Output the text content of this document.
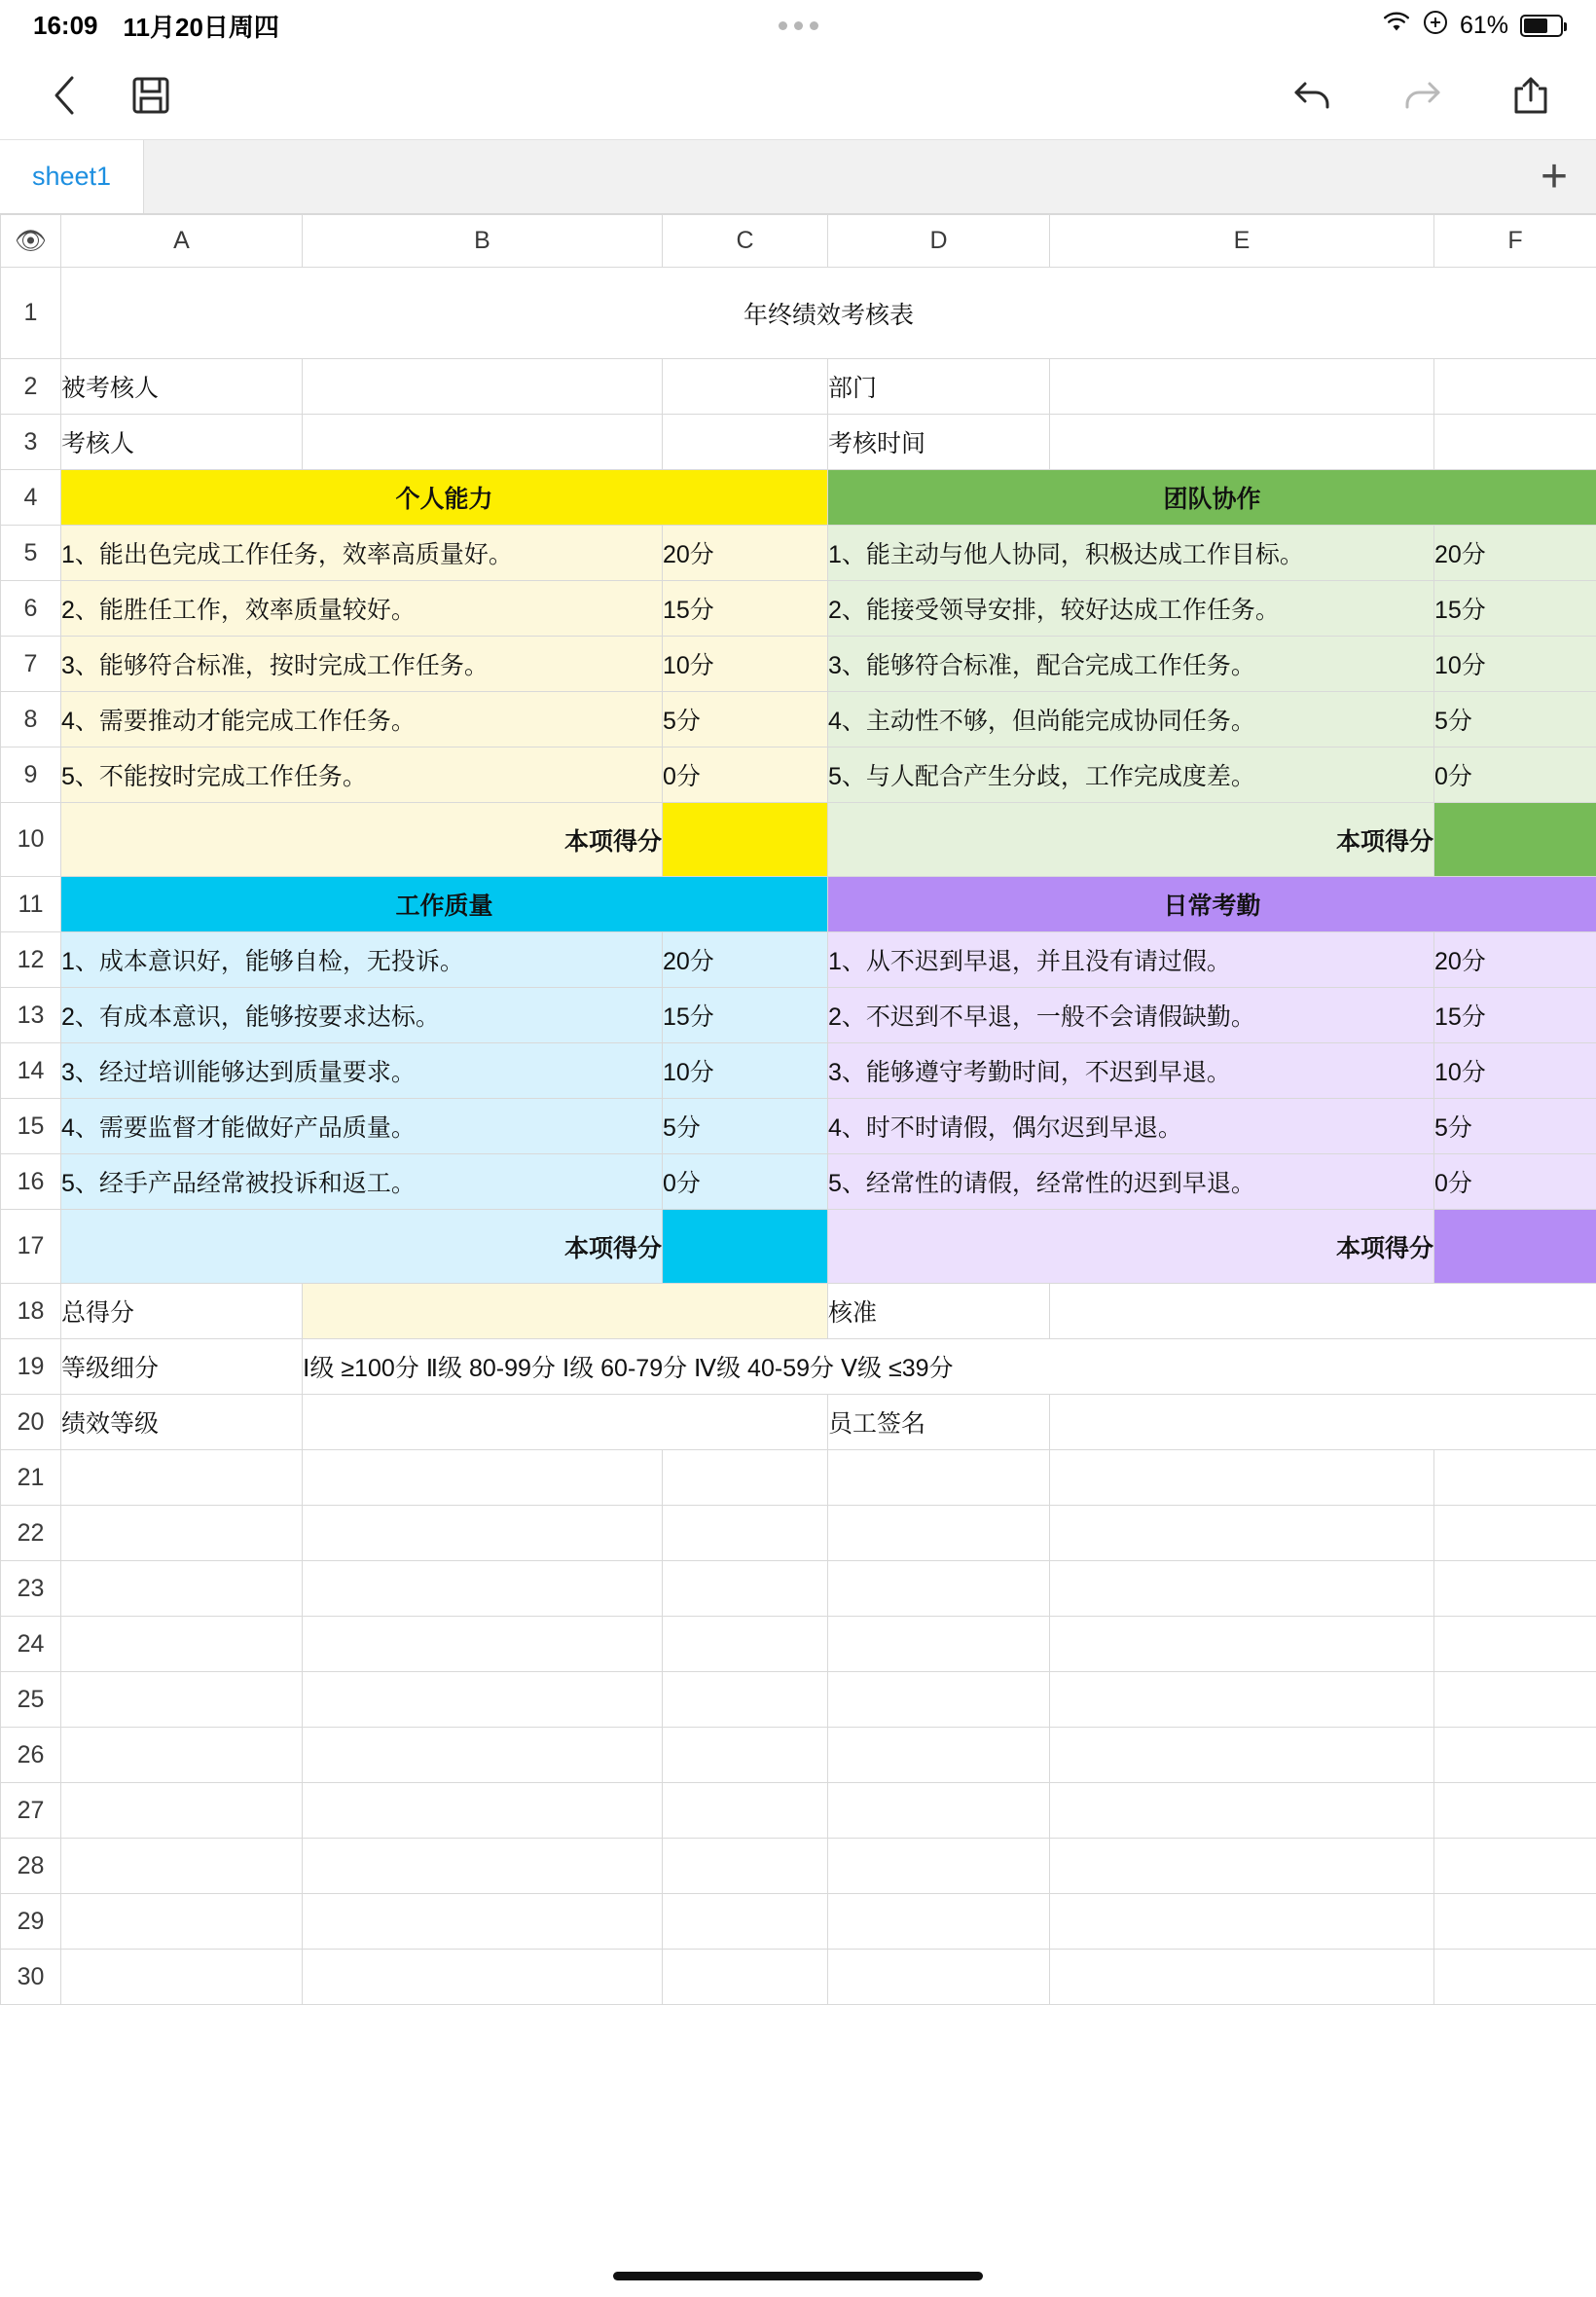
16:09 11月20日周四	61%
sheet1	+
👁	A	B	C	D	E	F
1	年终绩效考核表					
2	被考核人			部门		
3	考核人			考核时间		
4	个人能力			团队协作		
5	1、能出色完成工作任务，效率高质量好。		20分	1、能主动与他人协同，积极达成工作目标。		20分
6	2、能胜任工作，效率质量较好。		15分	2、能接受领导安排，较好达成工作任务。		15分
7	3、能够符合标准，按时完成工作任务。		10分	3、能够符合标准，配合完成工作任务。		10分
8	4、需要推动才能完成工作任务。		5分	4、主动性不够，但尚能完成协同任务。		5分
9	5、不能按时完成工作任务。		0分	5、与人配合产生分歧，工作完成度差。		0分
10	本项得分			本项得分		
11	工作质量			日常考勤		
12	1、成本意识好，能够自检，无投诉。		20分	1、从不迟到早退，并且没有请过假。		20分
13	2、有成本意识，能够按要求达标。		15分	2、不迟到不早退，一般不会请假缺勤。		15分
14	3、经过培训能够达到质量要求。		10分	3、能够遵守考勤时间，不迟到早退。		10分
15	4、需要监督才能做好产品质量。		5分	4、时不时请假，偶尔迟到早退。		5分
16	5、经手产品经常被投诉和返工。		0分	5、经常性的请假，经常性的迟到早退。		0分
17	本项得分			本项得分		
18	总得分			核准		
19	等级细分	Ⅰ级 ≥100分 Ⅱ级 80-99分 Ⅰ级 60-79分 Ⅳ级 40-59分 Ⅴ级 ≤39分				
20	绩效等级			员工签名		
21						
22						
23						
24						
25						
26						
27						
28						
29						
30						
